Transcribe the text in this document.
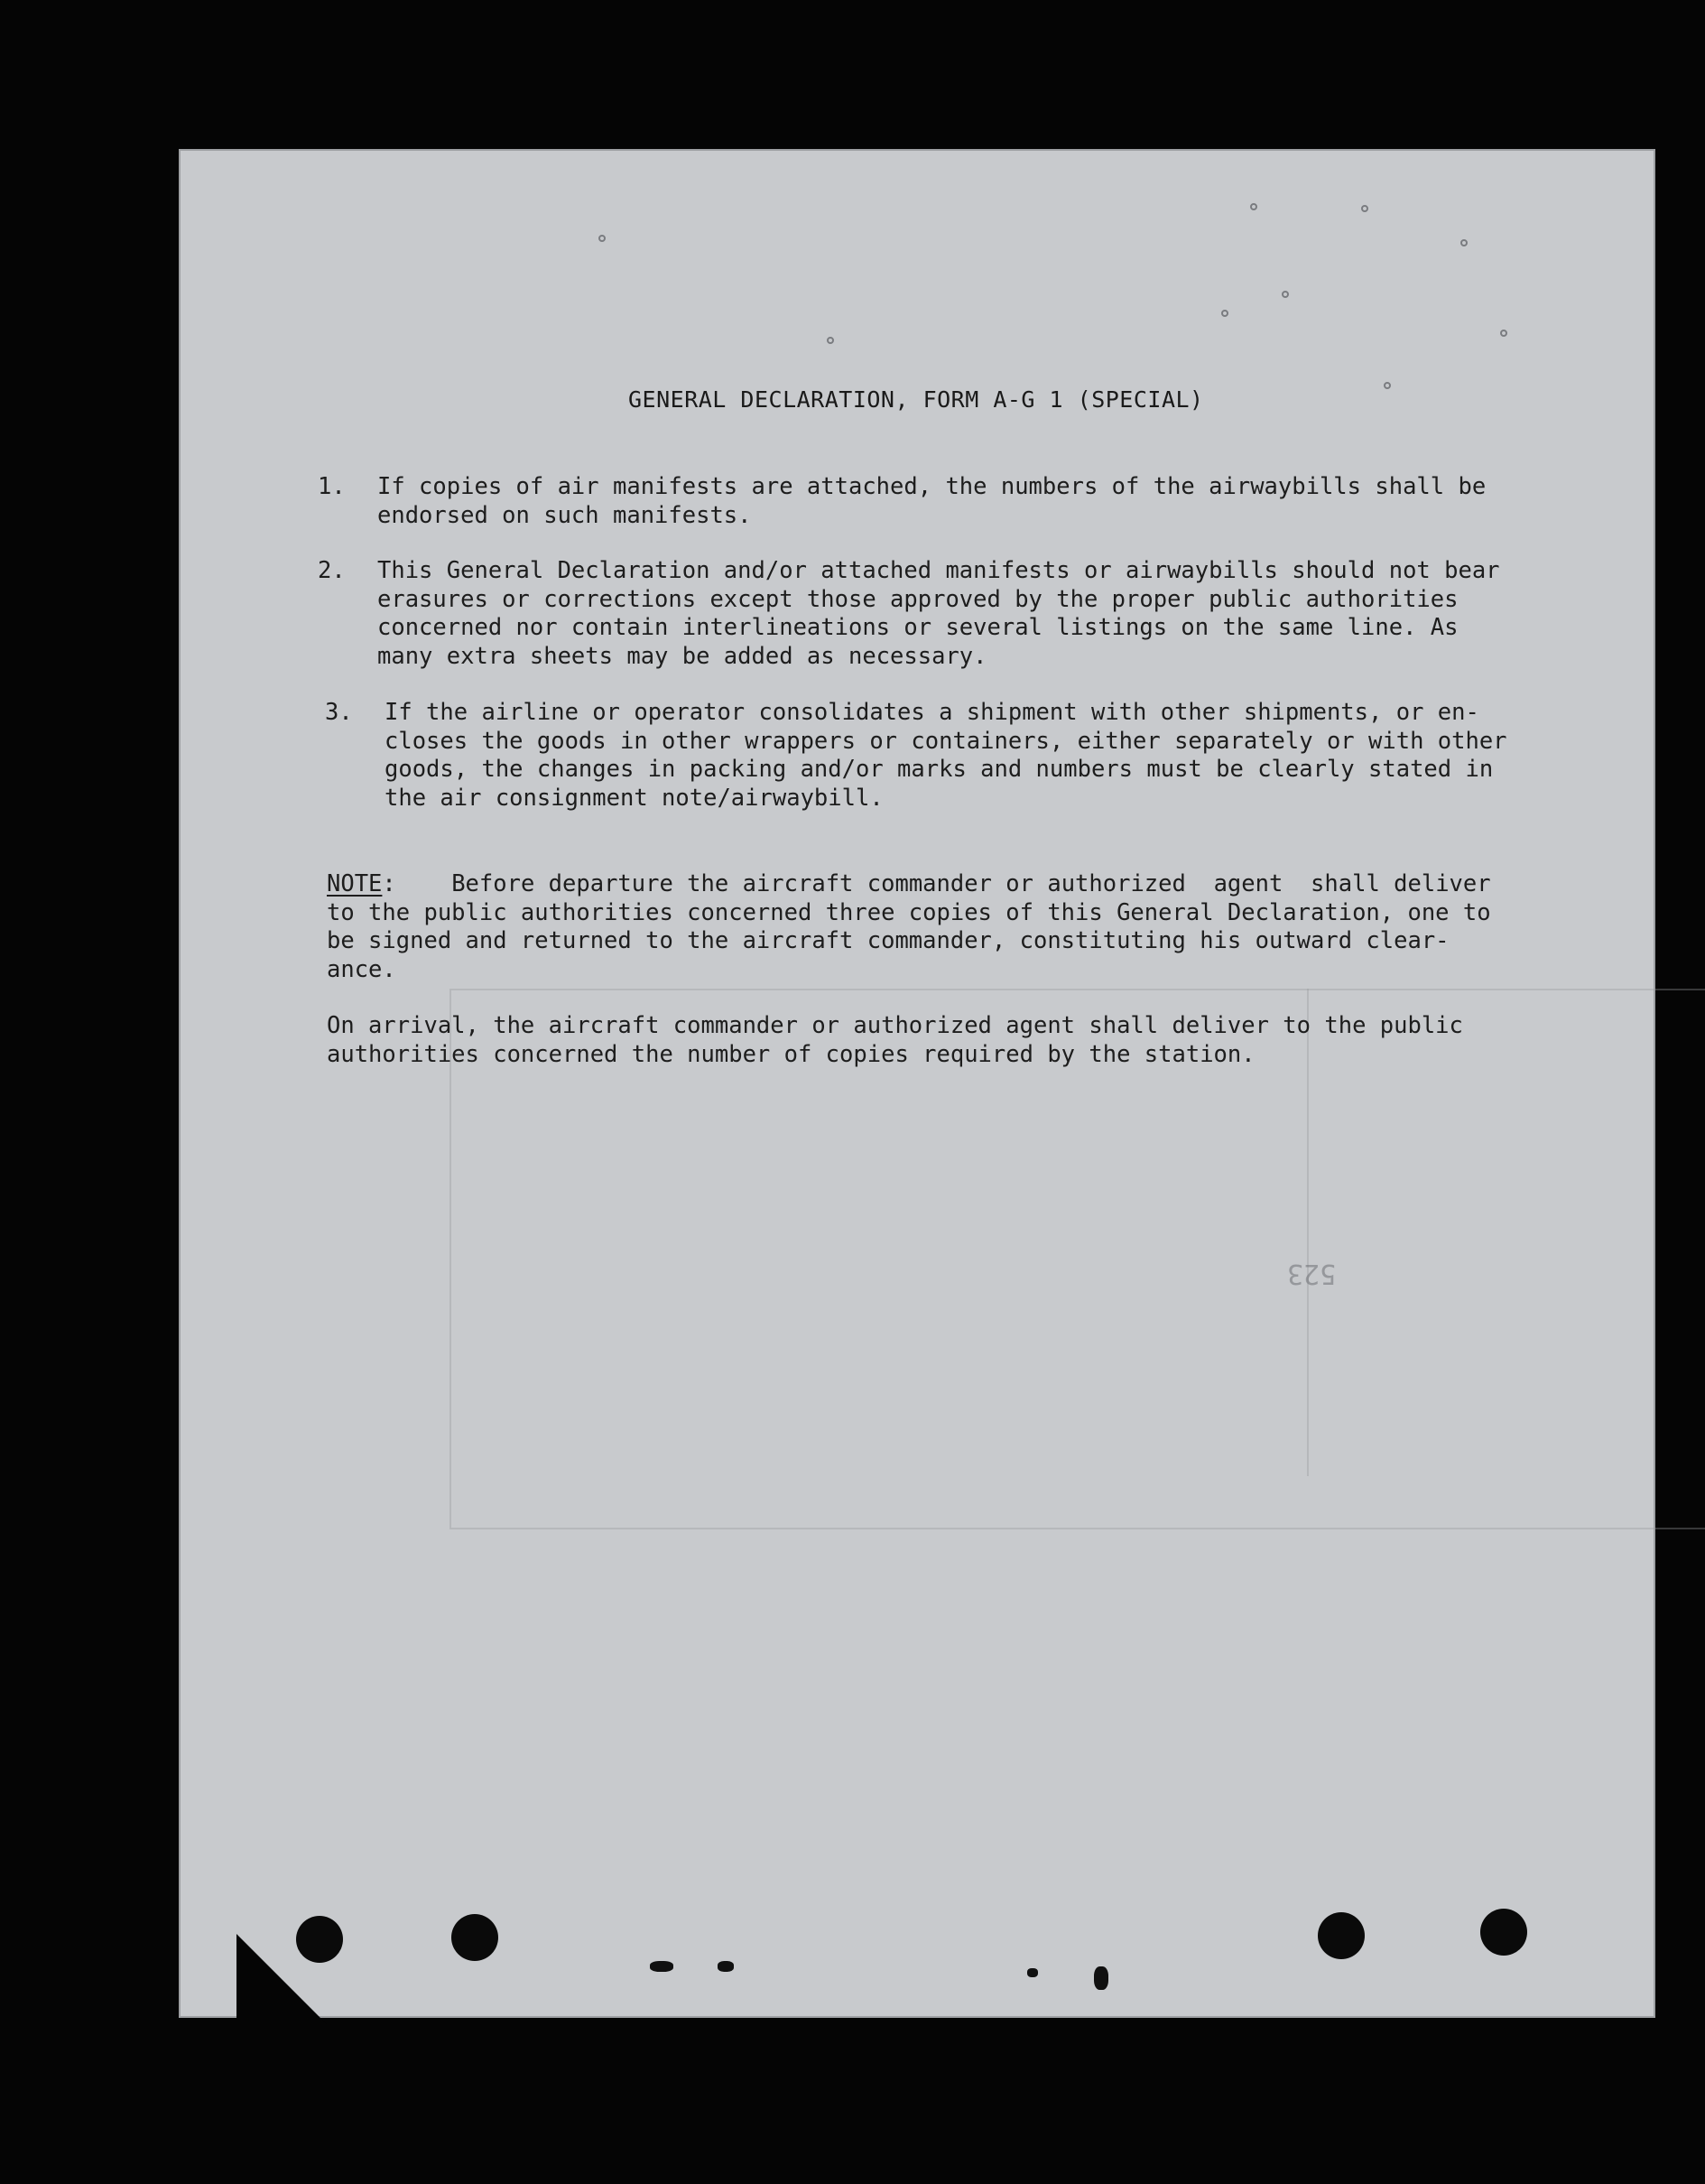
523
GENERAL DECLARATION, FORM A-G 1 (SPECIAL)
1. If copies of air manifests are attached, the numbers of the airwaybills shall be
endorsed on such manifests.
2. This General Declaration and/or attached manifests or airwaybills should not bear
erasures or corrections except those approved by the proper public authorities
concerned nor contain interlineations or several listings on the same line. As
many extra sheets may be added as necessary.
3. If the airline or operator consolidates a shipment with other shipments, or en-
closes the goods in other wrappers or containers, either separately or with other
goods, the changes in packing and/or marks and numbers must be clearly stated in
the air consignment note/airwaybill.
NOTE:    Before departure the aircraft commander or authorized  agent  shall deliver
to the public authorities concerned three copies of this General Declaration, one to
be signed and returned to the aircraft commander, constituting his outward clear-
ance.
On arrival, the aircraft commander or authorized agent shall deliver to the public
authorities concerned the number of copies required by the station.
